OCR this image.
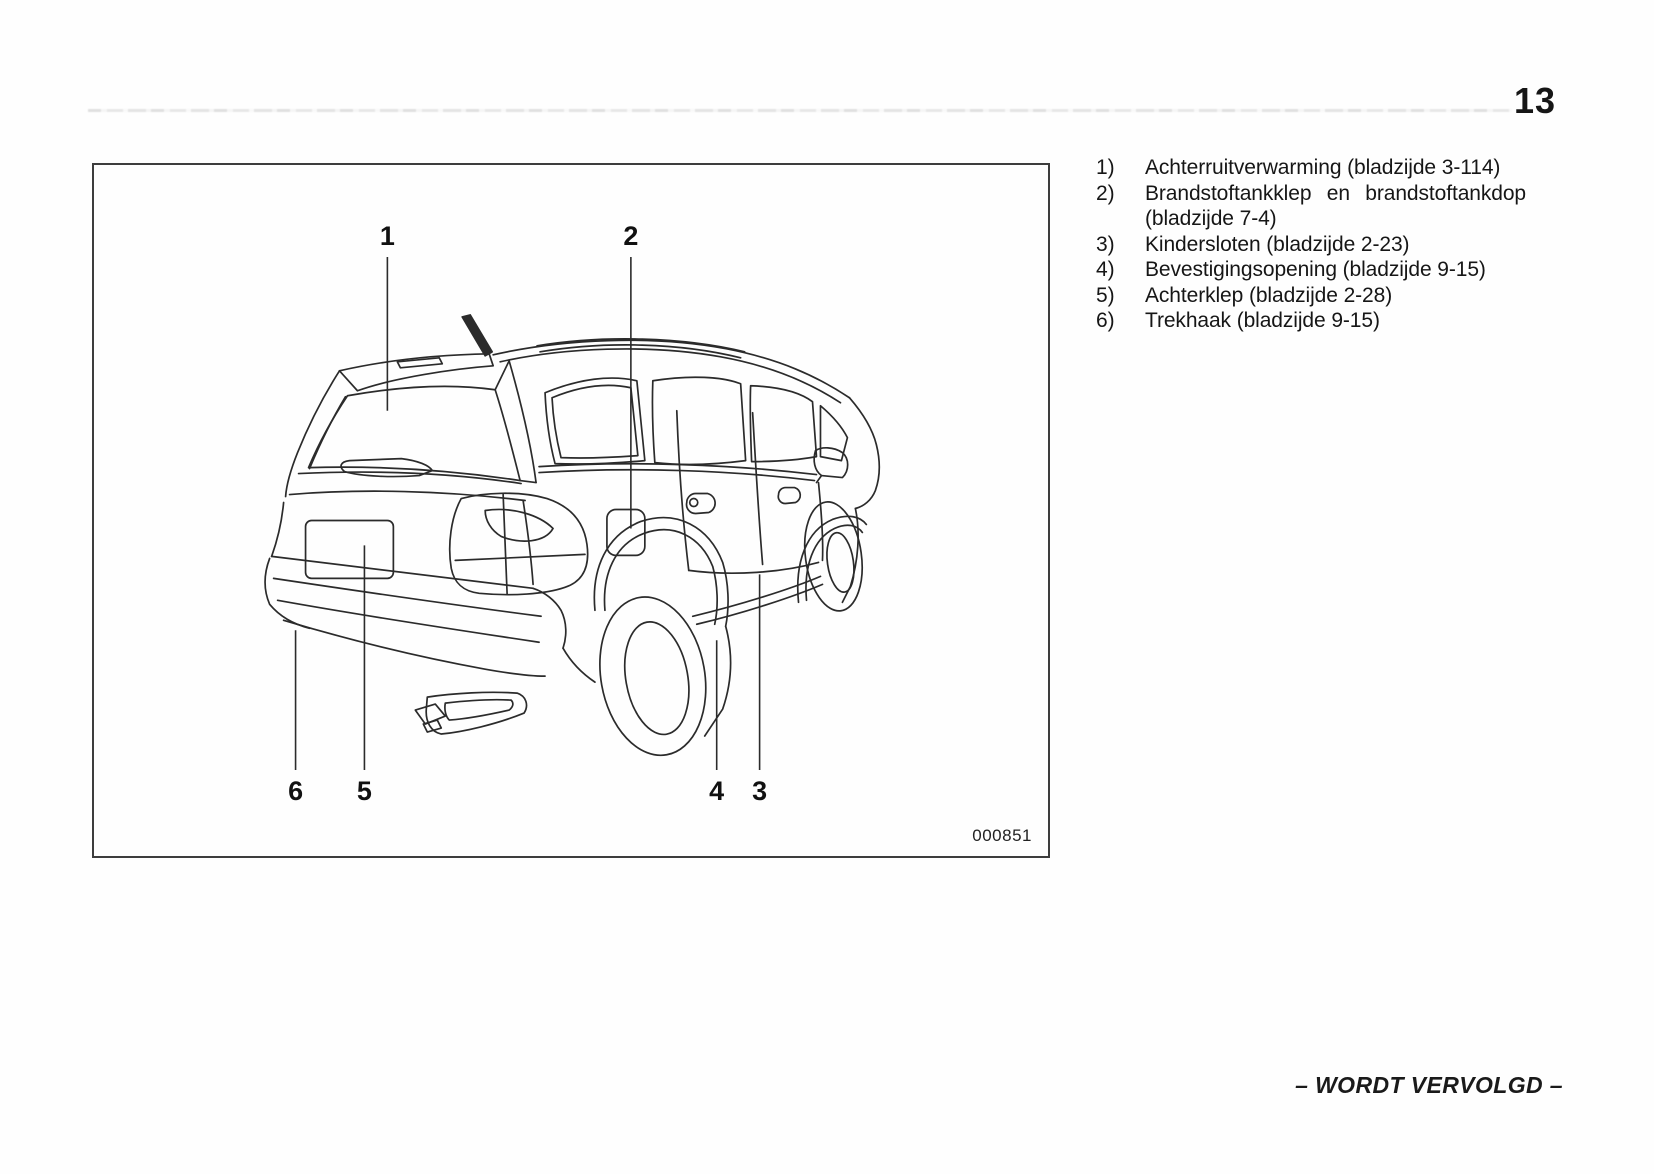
13
1	2
6 5	4 3
000851
1)	Achterruitverwarming (bladzijde 3-114)
2)	Brandstoftankklep en brandstoftankdop
(bladzijde 7-4)
3)	Kindersloten (bladzijde 2-23)
4)	Bevestigingsopening (bladzijde 9-15)
5)	Achterklep (bladzijde 2-28)
6)	Trekhaak (bladzijde 9-15)
– WORDT VERVOLGD –
